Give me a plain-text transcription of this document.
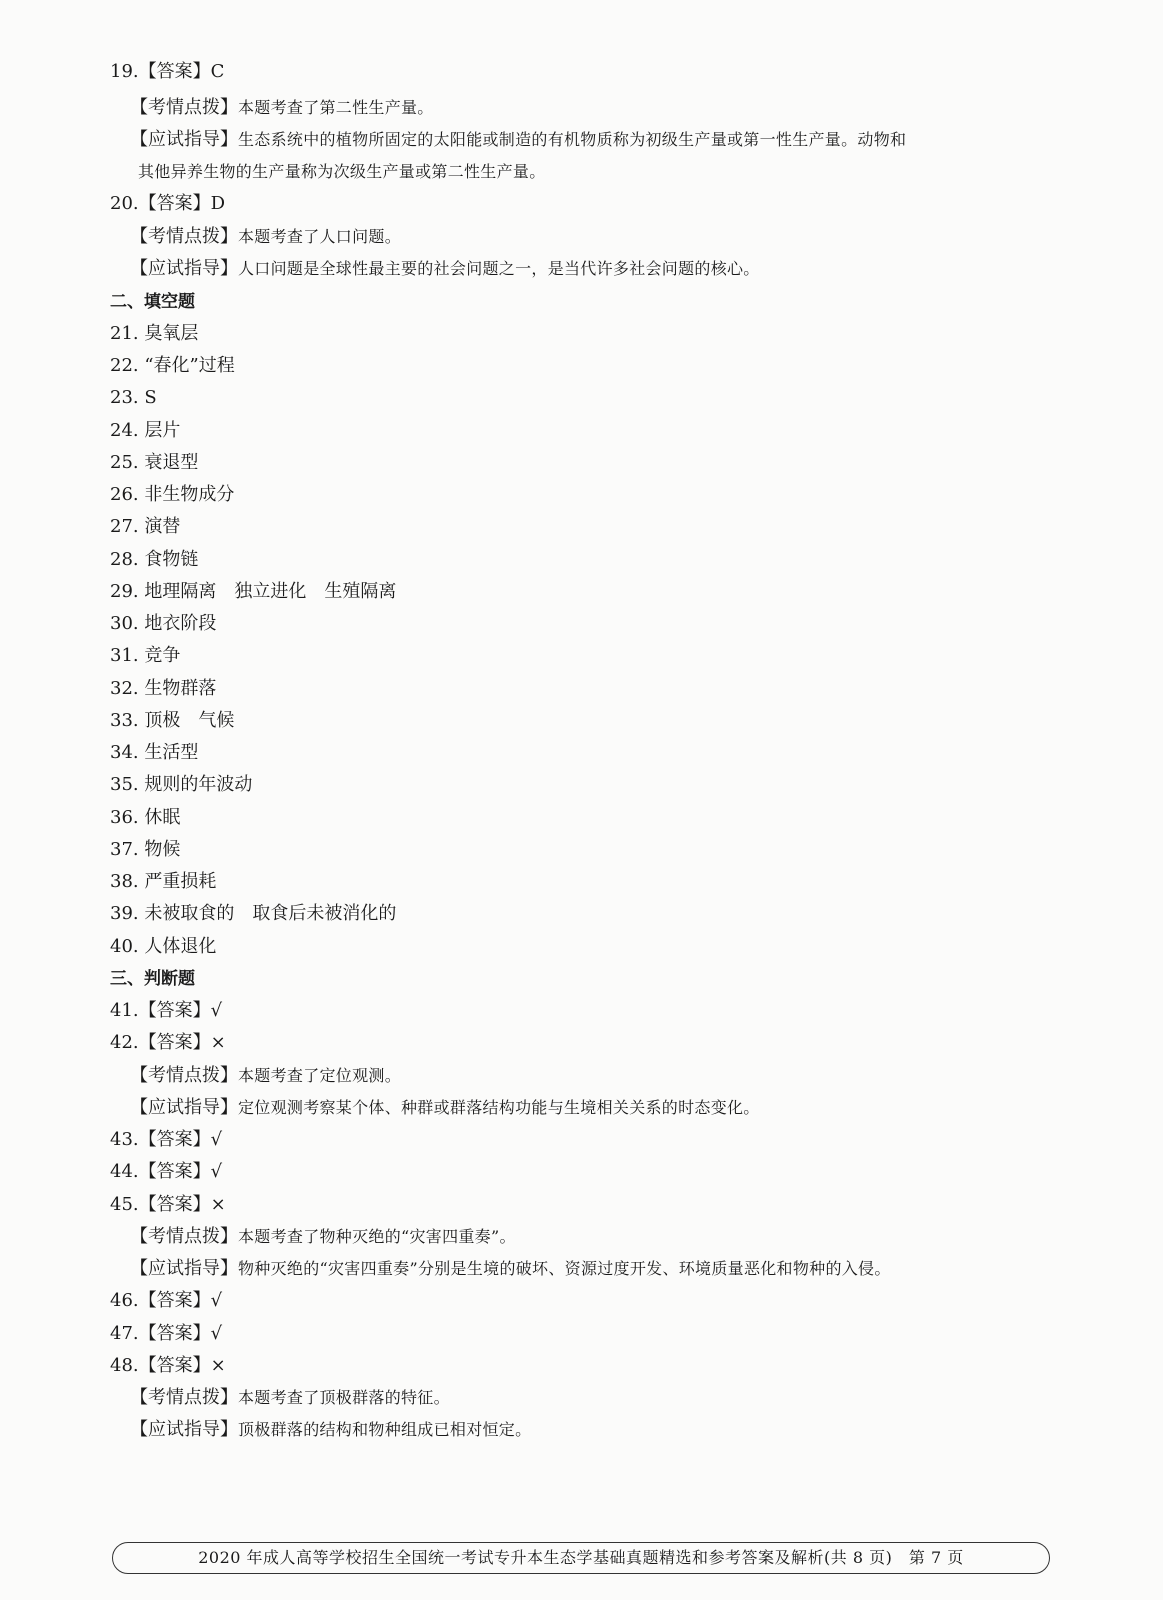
19.【答案】C
【考情点拨】本题考查了第二性生产量。
【应试指导】生态系统中的植物所固定的太阳能或制造的有机物质称为初级生产量或第一性生产量。动物和
其他异养生物的生产量称为次级生产量或第二性生产量。
20.【答案】D
【考情点拨】本题考查了人口问题。
【应试指导】人口问题是全球性最主要的社会问题之一，是当代许多社会问题的核心。
二、填空题
21. 臭氧层
22. “春化”过程
23. S
24. 层片
25. 衰退型
26. 非生物成分
27. 演替
28. 食物链
29. 地理隔离　独立进化　生殖隔离
30. 地衣阶段
31. 竞争
32. 生物群落
33. 顶极　气候
34. 生活型
35. 规则的年波动
36. 休眠
37. 物候
38. 严重损耗
39. 未被取食的　取食后未被消化的
40. 人体退化
三、判断题
41.【答案】√
42.【答案】×
【考情点拨】本题考查了定位观测。
【应试指导】定位观测考察某个体、种群或群落结构功能与生境相关关系的时态变化。
43.【答案】√
44.【答案】√
45.【答案】×
【考情点拨】本题考查了物种灭绝的“灾害四重奏”。
【应试指导】物种灭绝的“灾害四重奏”分别是生境的破坏、资源过度开发、环境质量恶化和物种的入侵。
46.【答案】√
47.【答案】√
48.【答案】×
【考情点拨】本题考查了顶极群落的特征。
【应试指导】顶极群落的结构和物种组成已相对恒定。
2020 年成人高等学校招生全国统一考试专升本生态学基础真题精选和参考答案及解析(共 8 页)　第 7 页
